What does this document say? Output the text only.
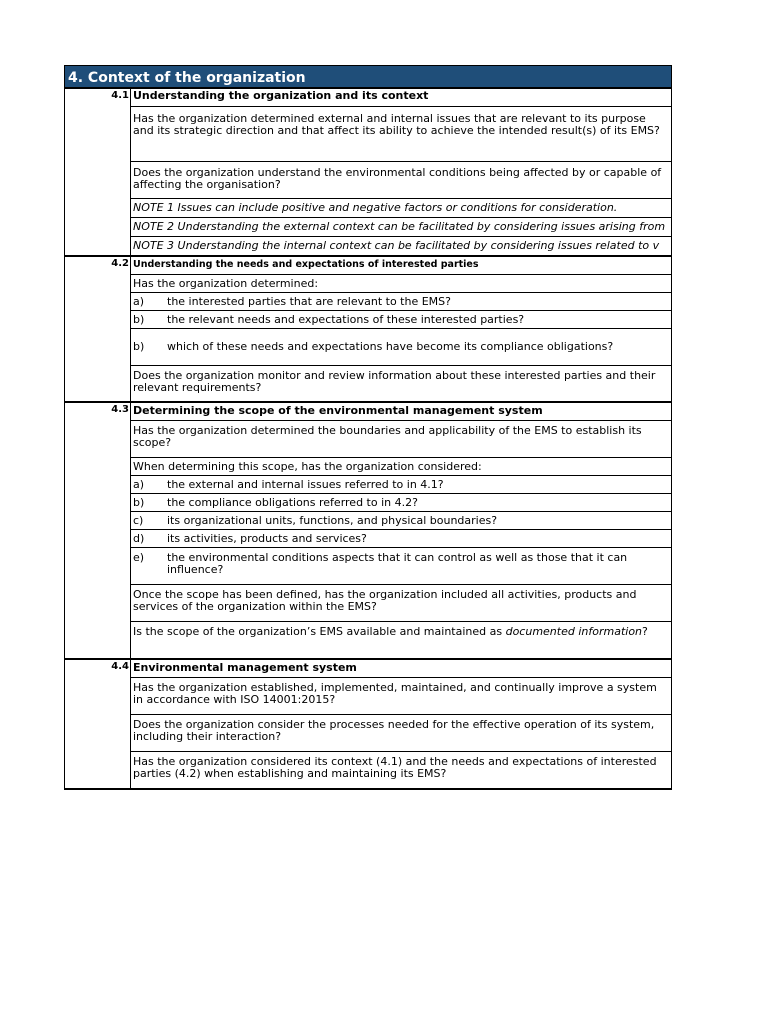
4. Context of the organization
4.1 Understanding the organization and its context
Has the organization determined external and internal issues that are relevant to its purpose and its strategic direction and that affect its ability to achieve the intended result(s) of its EMS?
Does the organization understand the environmental conditions being affected by or capable of affecting the organisation?
NOTE 1 Issues can include positive and negative factors or conditions for consideration.
NOTE 2 Understanding the external context can be facilitated by considering issues arising from
NOTE 3 Understanding the internal context can be facilitated by considering issues related to v
4.2 Understanding the needs and expectations of interested parties
Has the organization determined:
a)	the interested parties that are relevant to the EMS?
b)	the relevant needs and expectations of these interested parties?
b)	which of these needs and expectations have become its compliance obligations?
Does the organization monitor and review information about these interested parties and their relevant requirements?
4.3 Determining the scope of the environmental management system
Has the organization determined the boundaries and applicability of the EMS to establish its scope?
When determining this scope, has the organization considered:
a)	the external and internal issues referred to in 4.1?
b)	the compliance obligations referred to in 4.2?
c)	its organizational units, functions, and physical boundaries?
d)	its activities, products and services?
e)	the environmental conditions aspects that it can control as well as those that it can influence?
Once the scope has been defined, has the organization included all activities, products and services of the organization within the EMS?
Is the scope of the organization’s EMS available and maintained as documented information?
4.4 Environmental management system
Has the organization established, implemented, maintained, and continually improve a system in accordance with ISO 14001:2015?
Does the organization consider the processes needed for the effective operation of its system, including their interaction?
Has the organization considered its context (4.1) and the needs and expectations of interested parties (4.2) when establishing and maintaining its EMS?
